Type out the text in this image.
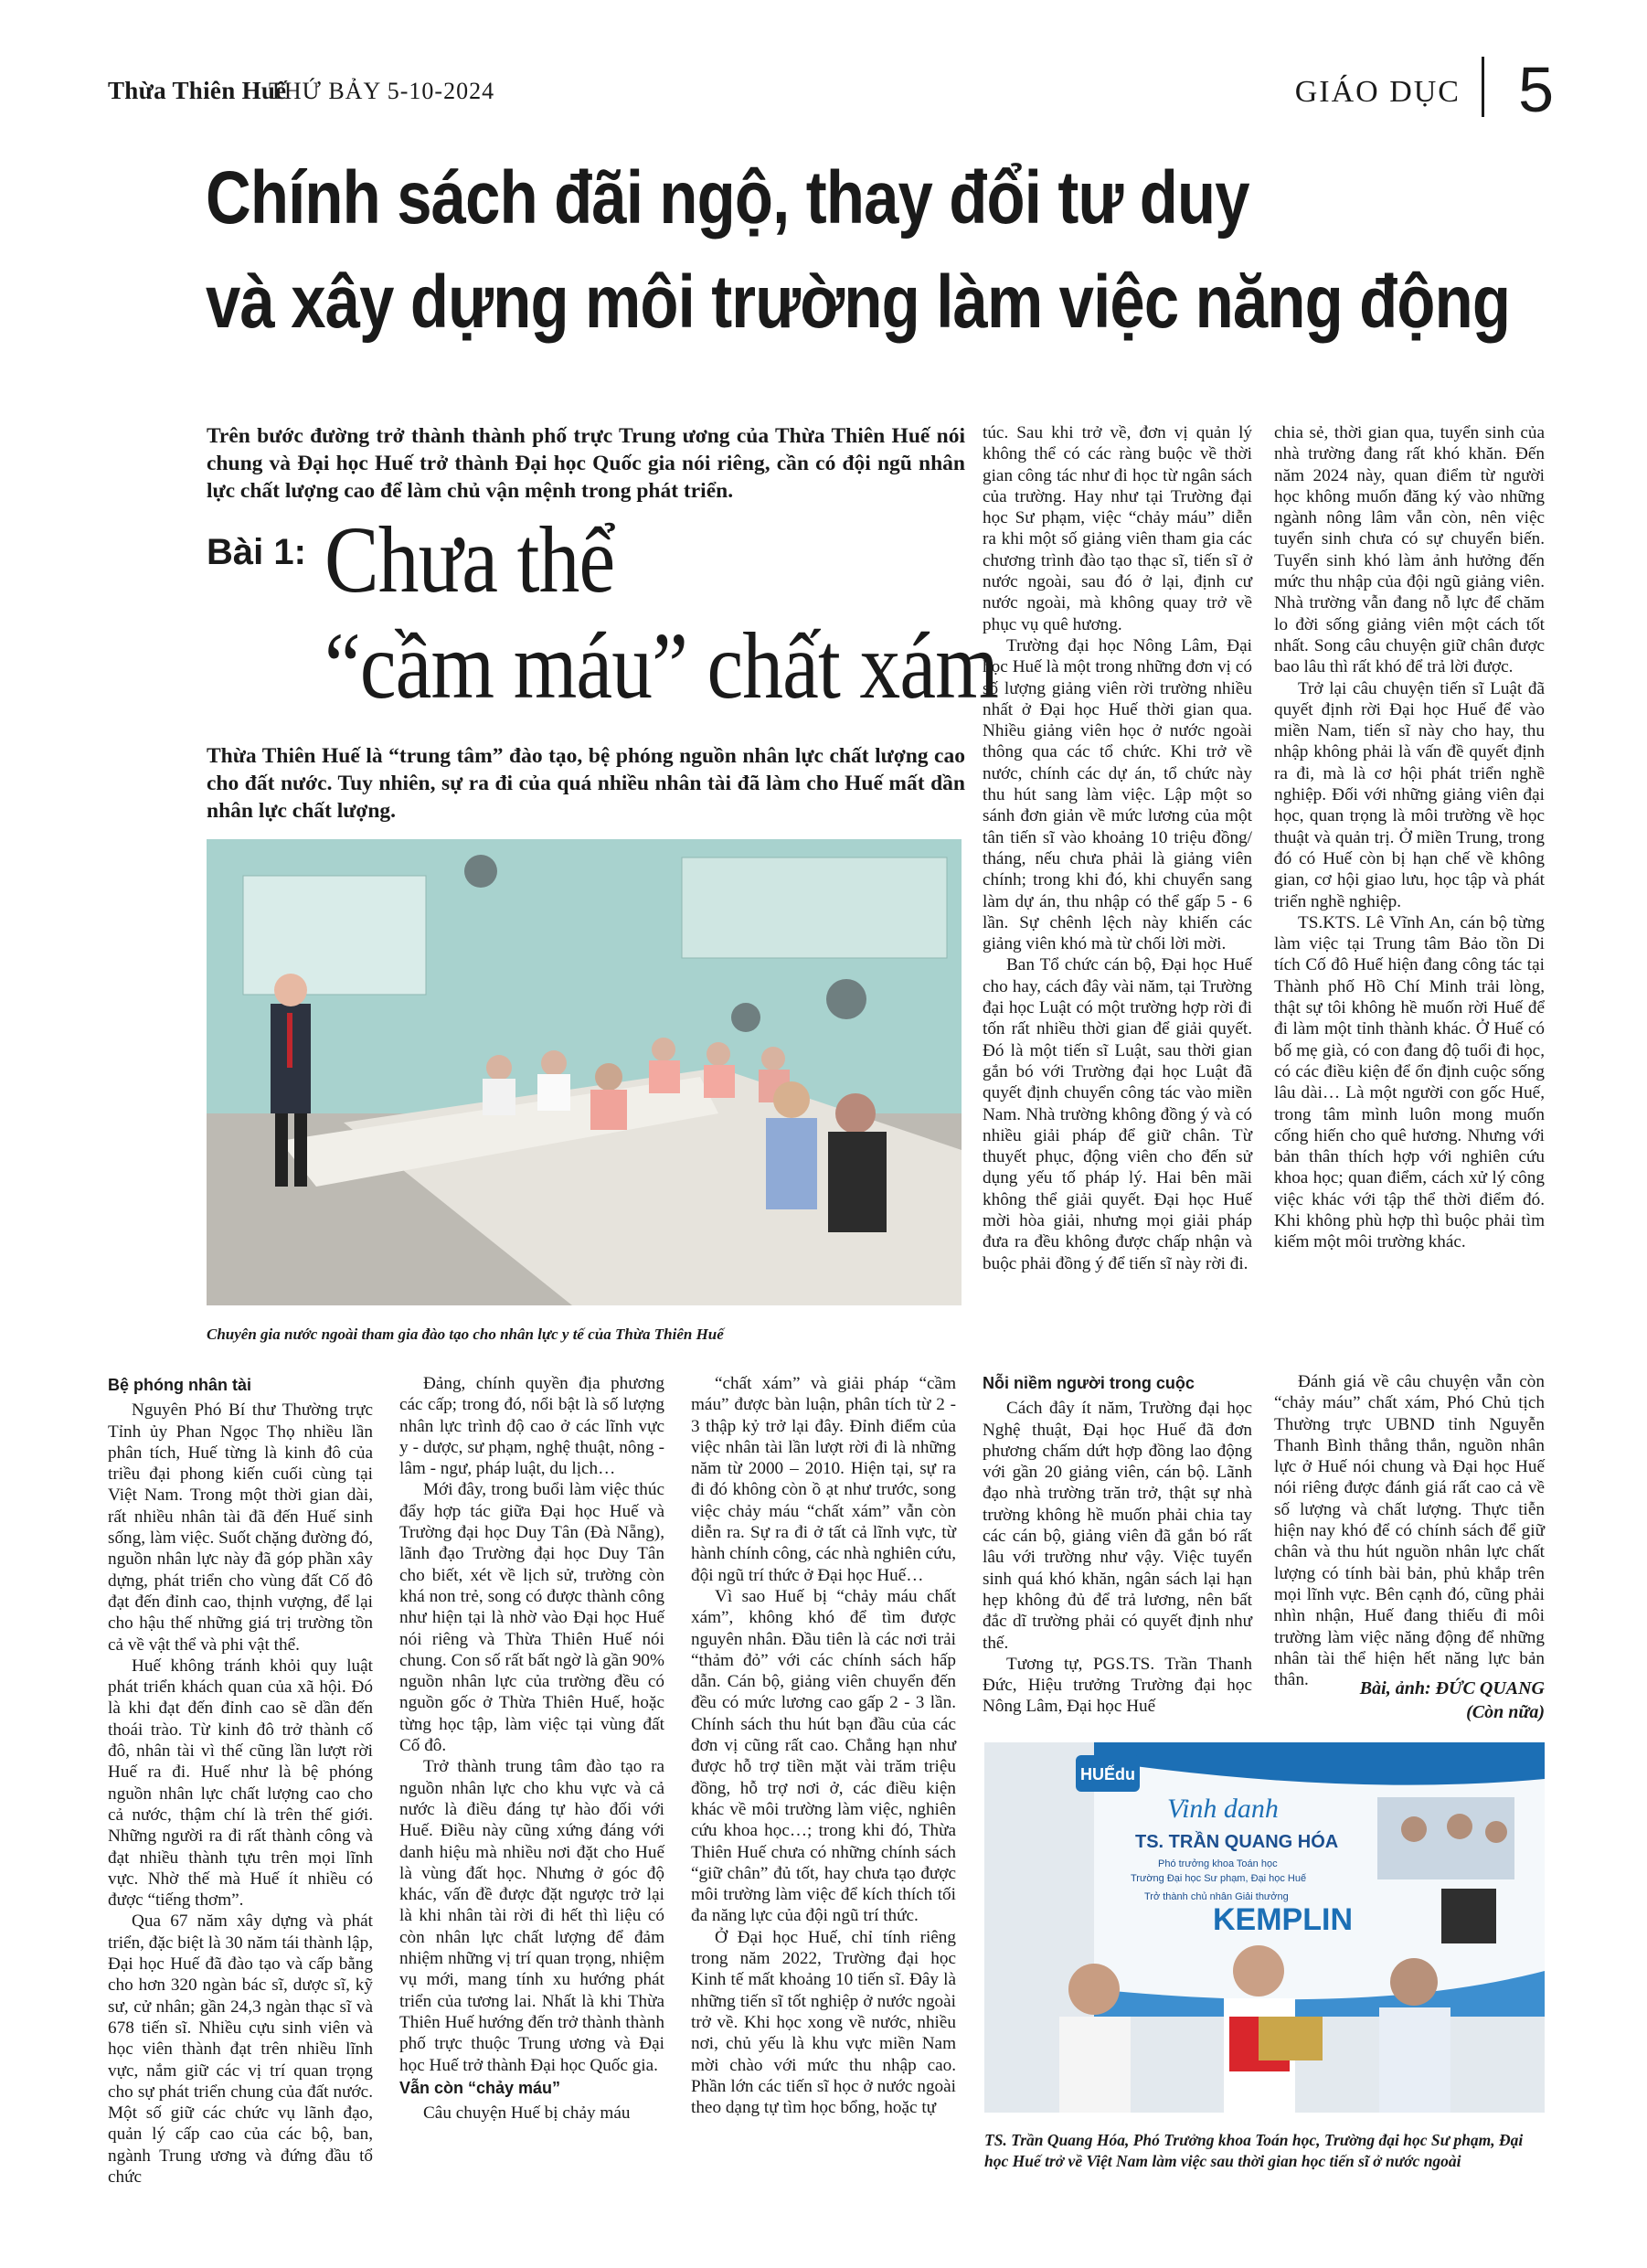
Thừa Thiên Huế
THỨ BẢY 5-10-2024	GIÁO DỤC 5
Chính sách đãi ngộ, thay đổi tư duy
và xây dựng môi trường làm việc năng động
Trên bước đường trở thành thành phố trực Trung ương của Thừa Thiên Huế nói chung và Đại học Huế trở thành Đại học Quốc gia nói riêng, cần có đội ngũ nhân lực chất lượng cao để làm chủ vận mệnh trong phát triển.
Bài 1: Chưa thể
“cầm máu” chất xám
Thừa Thiên Huế là “trung tâm” đào tạo, bệ phóng nguồn nhân lực chất lượng cao cho đất nước. Tuy nhiên, sự ra đi của quá nhiều nhân tài đã làm cho Huế mất dần nhân lực chất lượng.
Chuyên gia nước ngoài tham gia đào tạo cho nhân lực y tế của Thừa Thiên Huế

Bệ phóng nhân tài

Nguyên Phó Bí thư Thường trực Tỉnh ủy Phan Ngọc Thọ nhiều lần phân tích, Huế từng là kinh đô của triều đại phong kiến cuối cùng tại Việt Nam. Trong một thời gian dài, rất nhiều nhân tài đã đến Huế sinh sống, làm việc. Suốt chặng đường đó, nguồn nhân lực này đã góp phần xây dựng, phát triển cho vùng đất Cố đô đạt đến đỉnh cao, thịnh vượng, để lại cho hậu thế những giá trị trường tồn cả về vật thể và phi vật thể.

Huế không tránh khỏi quy luật phát triển khách quan của xã hội. Đó là khi đạt đến đỉnh cao sẽ dần đến thoái trào. Từ kinh đô trở thành cố đô, nhân tài vì thế cũng lần lượt rời Huế ra đi. Huế như là bệ phóng nguồn nhân lực chất lượng cao cho cả nước, thậm chí là trên thế giới. Những người ra đi rất thành công và đạt nhiều thành tựu trên mọi lĩnh vực. Nhờ thế mà Huế ít nhiều có được “tiếng thơm”.

Qua 67 năm xây dựng và phát triển, đặc biệt là 30 năm tái thành lập, Đại học Huế đã đào tạo và cấp bằng cho hơn 320 ngàn bác sĩ, dược sĩ, kỹ sư, cử nhân; gần 24,3 ngàn thạc sĩ và 678 tiến sĩ. Nhiều cựu sinh viên và học viên thành đạt trên nhiều lĩnh vực, nắm giữ các vị trí quan trọng cho sự phát triển chung của đất nước. Một số giữ các chức vụ lãnh đạo, quản lý cấp cao của các bộ, ban, ngành Trung ương và đứng đầu tổ chức

Đảng, chính quyền địa phương các cấp; trong đó, nổi bật là số lượng nhân lực trình độ cao ở các lĩnh vực y - dược, sư phạm, nghệ thuật, nông - lâm - ngư, pháp luật, du lịch…

Mới đây, trong buổi làm việc thúc đẩy hợp tác giữa Đại học Huế và Trường đại học Duy Tân (Đà Nẵng), lãnh đạo Trường đại học Duy Tân cho biết, xét về lịch sử, trường còn khá non trẻ, song có được thành công như hiện tại là nhờ vào Đại học Huế nói riêng và Thừa Thiên Huế nói chung. Con số rất bất ngờ là gần 90% nguồn nhân lực của trường đều có nguồn gốc ở Thừa Thiên Huế, hoặc từng học tập, làm việc tại vùng đất Cố đô.

Trở thành trung tâm đào tạo ra nguồn nhân lực cho khu vực và cả nước là điều đáng tự hào đối với Huế. Điều này cũng xứng đáng với danh hiệu mà nhiều nơi đặt cho Huế là vùng đất học. Nhưng ở góc độ khác, vấn đề được đặt ngược trở lại là khi nhân tài rời đi hết thì liệu có còn nhân lực chất lượng để đảm nhiệm những vị trí quan trọng, nhiệm vụ mới, mang tính xu hướng phát triển của tương lai. Nhất là khi Thừa Thiên Huế hướng đến trở thành thành phố trực thuộc Trung ương và Đại học Huế trở thành Đại học Quốc gia.

Vẫn còn “chảy máu”

Câu chuyện Huế bị chảy máu

“chất xám” và giải pháp “cầm máu” được bàn luận, phân tích từ 2 - 3 thập kỷ trở lại đây. Đỉnh điểm của việc nhân tài lần lượt rời đi là những năm từ 2000 – 2010. Hiện tại, sự ra đi đó không còn ồ ạt như trước, song việc chảy máu “chất xám” vẫn còn diễn ra. Sự ra đi ở tất cả lĩnh vực, từ hành chính công, các nhà nghiên cứu, đội ngũ trí thức ở Đại học Huế…

Vì sao Huế bị “chảy máu chất xám”, không khó để tìm được nguyên nhân. Đầu tiên là các nơi trải “thảm đỏ” với các chính sách hấp dẫn. Cán bộ, giảng viên chuyển đến đều có mức lương cao gấp 2 - 3 lần. Chính sách thu hút bạn đầu của các đơn vị cũng rất cao. Chẳng hạn như được hỗ trợ tiền mặt vài trăm triệu đồng, hỗ trợ nơi ở, các điều kiện khác về môi trường làm việc, nghiên cứu khoa học…; trong khi đó, Thừa Thiên Huế chưa có những chính sách “giữ chân” đủ tốt, hay chưa tạo được môi trường làm việc để kích thích tối đa năng lực của đội ngũ trí thức.

Ở Đại học Huế, chỉ tính riêng trong năm 2022, Trường đại học Kinh tế mất khoảng 10 tiến sĩ. Đây là những tiến sĩ tốt nghiệp ở nước ngoài trở về. Khi học xong về nước, nhiều nơi, chủ yếu là khu vực miền Nam mời chào với mức thu nhập cao. Phần lớn các tiến sĩ học ở nước ngoài theo dạng tự tìm học bổng, hoặc tự

túc. Sau khi trở về, đơn vị quản lý không thể có các ràng buộc về thời gian công tác như đi học từ ngân sách của trường. Hay như tại Trường đại học Sư phạm, việc “chảy máu” diễn ra khi một số giảng viên tham gia các chương trình đào tạo thạc sĩ, tiến sĩ ở nước ngoài, sau đó ở lại, định cư nước ngoài, mà không quay trở về phục vụ quê hương.

Trường đại học Nông Lâm, Đại học Huế là một trong những đơn vị có số lượng giảng viên rời trường nhiều nhất ở Đại học Huế thời gian qua. Nhiều giảng viên học ở nước ngoài thông qua các tổ chức. Khi trở về nước, chính các dự án, tổ chức này thu hút sang làm việc. Lập một so sánh đơn giản về mức lương của một tân tiến sĩ vào khoảng 10 triệu đồng/ tháng, nếu chưa phải là giảng viên chính; trong khi đó, khi chuyển sang làm dự án, thu nhập có thể gấp 5 - 6 lần. Sự chênh lệch này khiến các giảng viên khó mà từ chối lời mời.

Ban Tổ chức cán bộ, Đại học Huế cho hay, cách đây vài năm, tại Trường đại học Luật có một trường hợp rời đi tốn rất nhiều thời gian để giải quyết. Đó là một tiến sĩ Luật, sau thời gian gắn bó với Trường đại học Luật đã quyết định chuyển công tác vào miền Nam. Nhà trường không đồng ý và có nhiều giải pháp để giữ chân. Từ thuyết phục, động viên cho đến sử dụng yếu tố pháp lý. Hai bên mãi không thể giải quyết. Đại học Huế mời hòa giải, nhưng mọi giải pháp đưa ra đều không được chấp nhận và buộc phải đồng ý để tiến sĩ này rời đi.

chia sẻ, thời gian qua, tuyển sinh của nhà trường đang rất khó khăn. Đến năm 2024 này, quan điểm từ người học không muốn đăng ký vào những ngành nông lâm vẫn còn, nên việc tuyển sinh chưa có sự chuyển biến. Tuyển sinh khó làm ảnh hưởng đến mức thu nhập của đội ngũ giảng viên. Nhà trường vẫn đang nỗ lực để chăm lo đời sống giảng viên một cách tốt nhất. Song câu chuyện giữ chân được bao lâu thì rất khó để trả lời được.

Trở lại câu chuyện tiến sĩ Luật đã quyết định rời Đại học Huế để vào miền Nam, tiến sĩ này cho hay, thu nhập không phải là vấn đề quyết định ra đi, mà là cơ hội phát triển nghề nghiệp. Đối với những giảng viên đại học, quan trọng là môi trường về học thuật và quản trị. Ở miền Trung, trong đó có Huế còn bị hạn chế về không gian, cơ hội giao lưu, học tập và phát triển nghề nghiệp.

TS.KTS. Lê Vĩnh An, cán bộ từng làm việc tại Trung tâm Bảo tồn Di tích Cố đô Huế hiện đang công tác tại Thành phố Hồ Chí Minh trải lòng, thật sự tôi không hề muốn rời Huế để đi làm một tỉnh thành khác. Ở Huế có bố mẹ già, có con đang độ tuổi đi học, có các điều kiện để ổn định cuộc sống lâu dài… Là một người con gốc Huế, trong tâm mình luôn mong muốn cống hiến cho quê hương. Nhưng với bản thân thích hợp với nghiên cứu khoa học; quan điểm, cách xử lý công việc khác với tập thể thời điểm đó. Khi không phù hợp thì buộc phải tìm kiếm một môi trường khác.

Nỗi niềm người trong cuộc

Cách đây ít năm, Trường đại học Nghệ thuật, Đại học Huế đã đơn phương chấm dứt hợp đồng lao động với gần 20 giảng viên, cán bộ. Lãnh đạo nhà trường trăn trở, thật sự nhà trường không hề muốn phải chia tay các cán bộ, giảng viên đã gắn bó rất lâu với trường như vậy. Việc tuyển sinh quá khó khăn, ngân sách lại hạn hẹp không đủ để trả lương, nên bất đắc dĩ trường phải có quyết định như thế.

Tương tự, PGS.TS. Trần Thanh Đức, Hiệu trưởng Trường đại học Nông Lâm, Đại học Huế

Đánh giá về câu chuyện vẫn còn “chảy máu” chất xám, Phó Chủ tịch Thường trực UBND tỉnh Nguyễn Thanh Bình thẳng thắn, nguồn nhân lực ở Huế nói chung và Đại học Huế nói riêng được đánh giá rất cao cả về số lượng và chất lượng. Thực tiễn hiện nay khó để có chính sách để giữ chân và thu hút nguồn nhân lực chất lượng có tính bài bản, phủ khắp trên mọi lĩnh vực. Bên cạnh đó, cũng phải nhìn nhận, Huế đang thiếu đi môi trường làm việc năng động để những nhân tài thể hiện hết năng lực bản thân.	Bài, ảnh: ĐỨC QUANG
(Còn nữa)
HUẾdu
Vinh danh
TS. TRẦN QUANG HÓA
Phó trưởng khoa Toán học
Trường Đại học Sư phạm, Đại học Huế
Trở thành chủ nhân Giải thưởng
KEMPLIN
TS. Trần Quang Hóa, Phó Trưởng khoa Toán học, Trường đại học Sư phạm, Đại học Huế trở về Việt Nam làm việc sau thời gian học tiến sĩ ở nước ngoài
